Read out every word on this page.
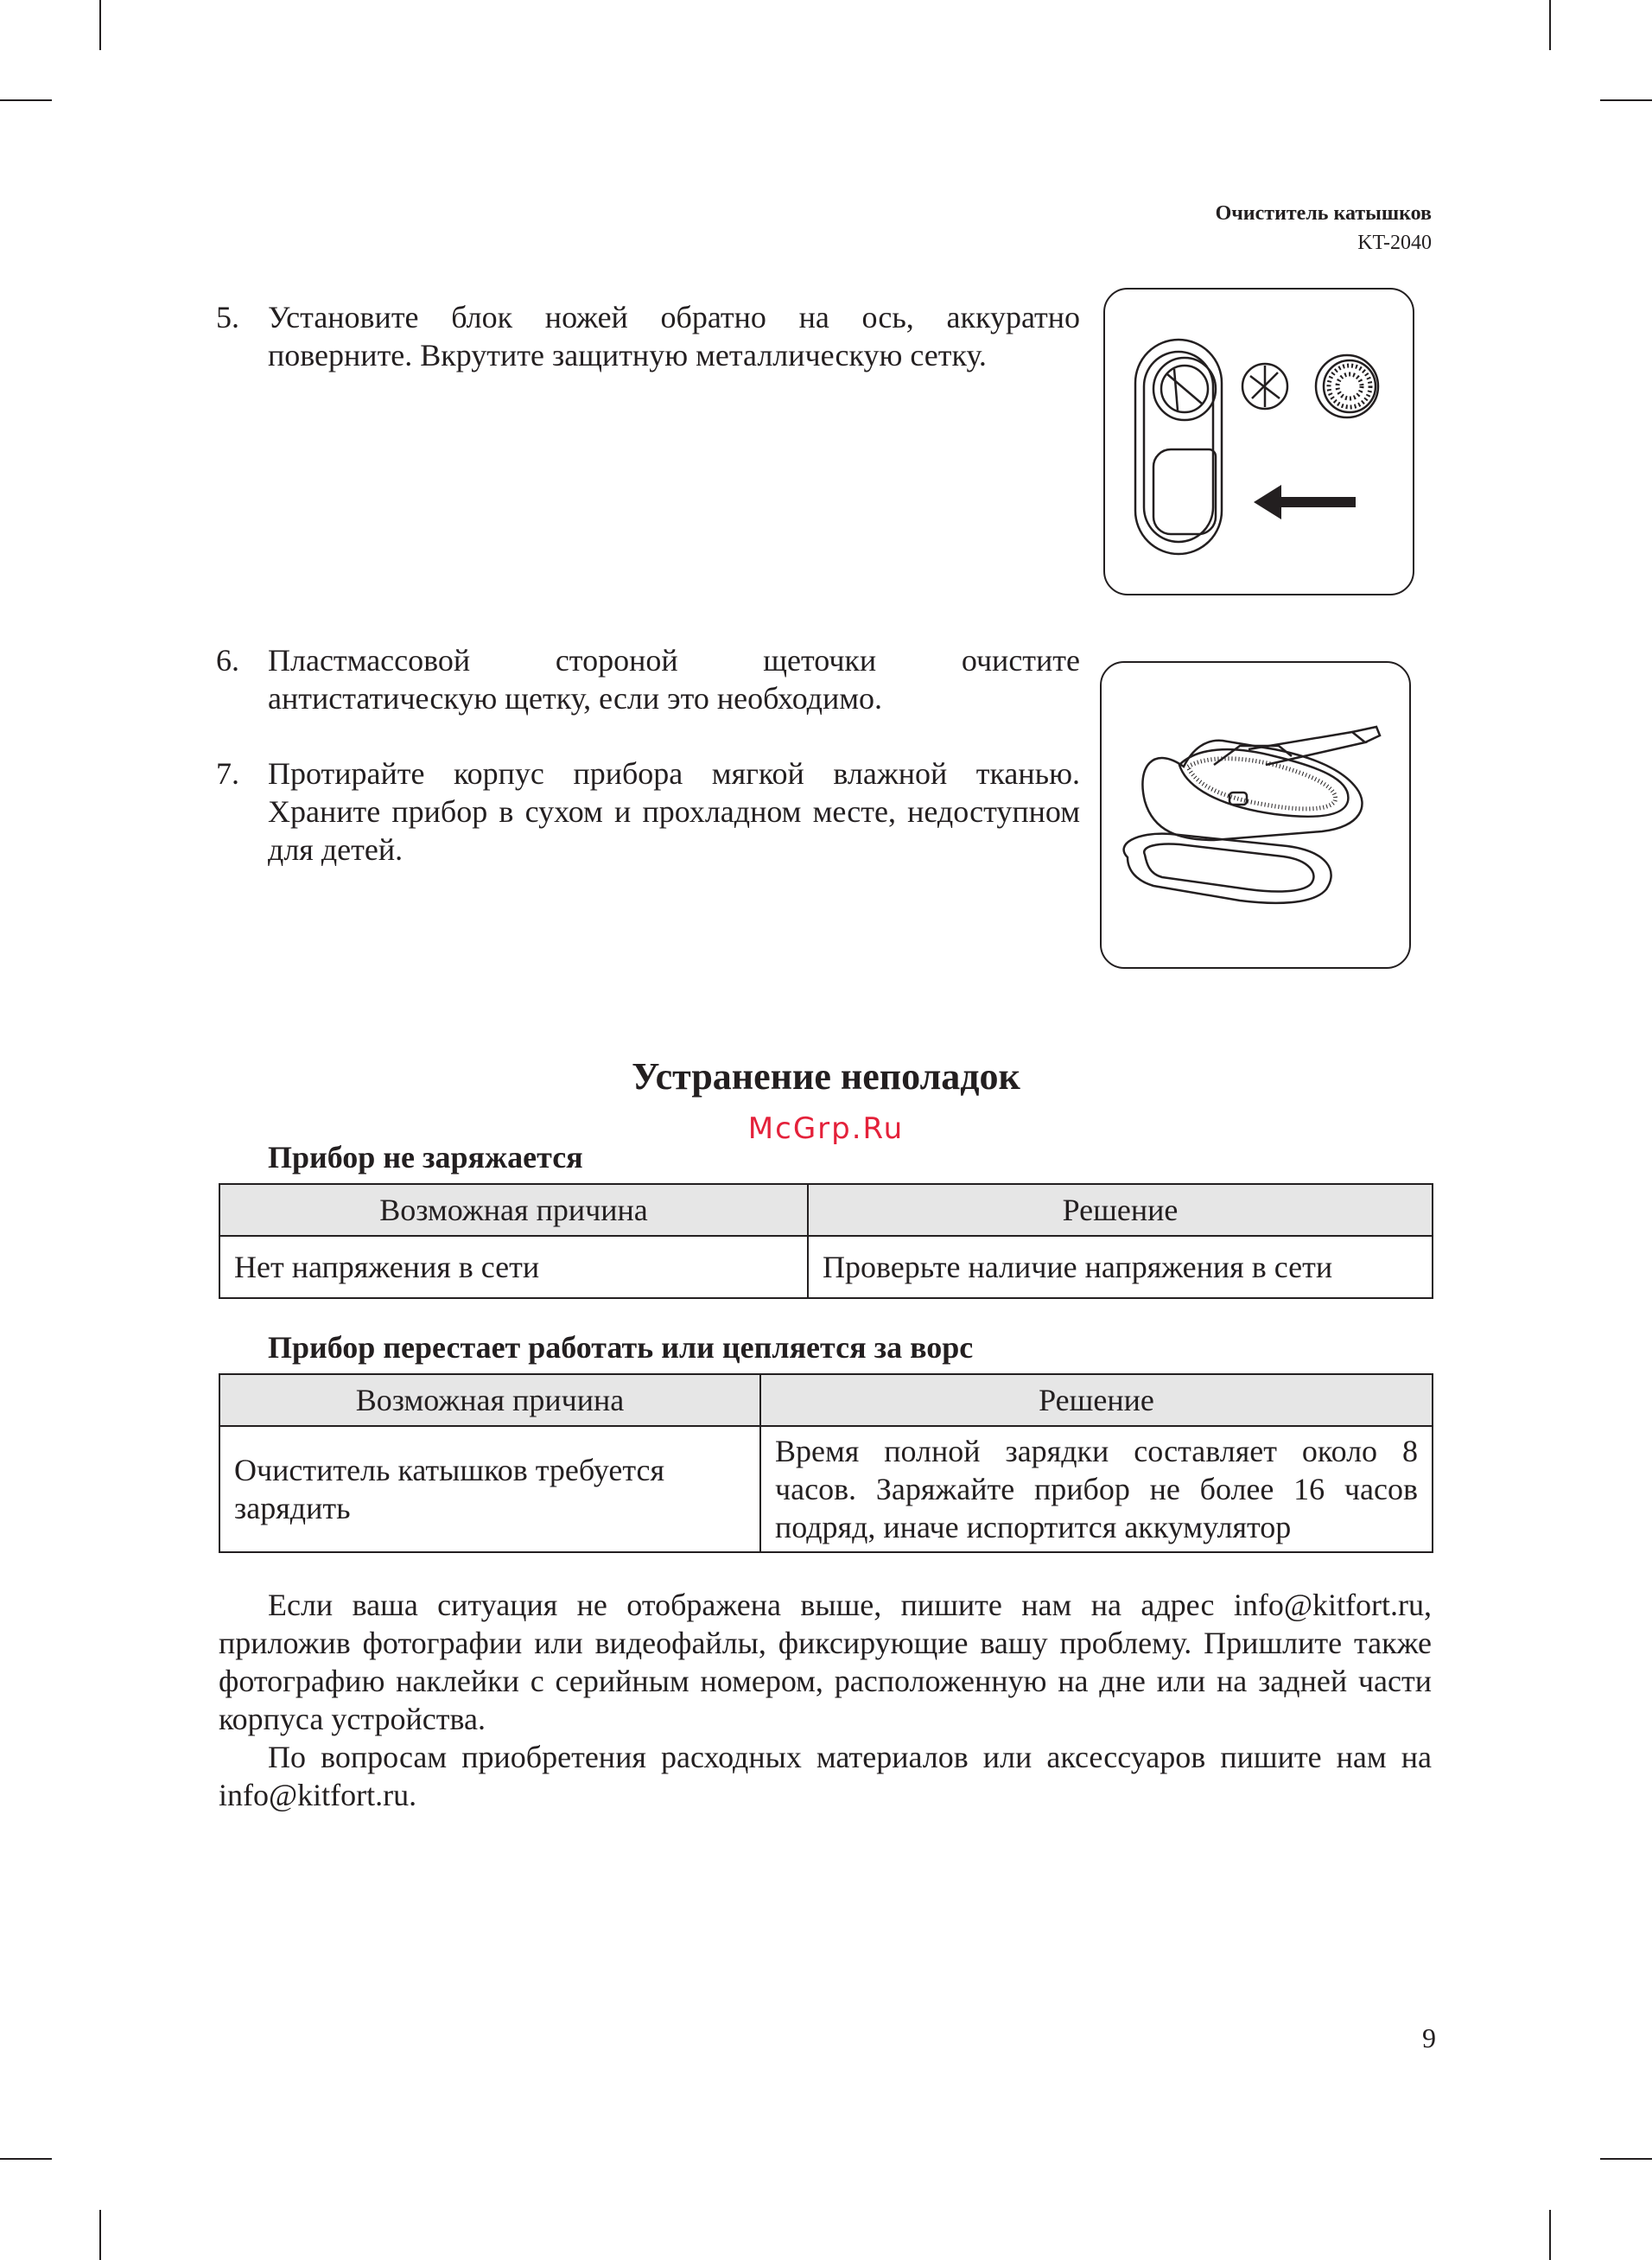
Очиститель катышков
KT-2040
5. Установите блок ножей обратно на ось, аккуратно поверните. Вкрутите защитную металлическую сетку.
6. Пластмассовой стороной щеточки очистите антистатическую щетку, если это необходимо.
7. Протирайте корпус прибора мягкой влажной тканью. Храните прибор в сухом и прохладном месте, недоступном для детей.
Устранение неполадок
McGrp.Ru
Прибор не заряжается
Возможная причина	Решение
Нет напряжения в сети	Проверьте наличие напряжения в сети
Прибор перестает работать или цепляется за ворс
Возможная причина	Решение
Очиститель катышков требуется зарядить	Время полной зарядки составляет около 8 часов. Заряжайте прибор не более 16 часов подряд, иначе испортится аккумулятор

Если ваша ситуация не отображена выше, пишите нам на адрес info@kitfort.ru, приложив фотографии или видеофайлы, фиксирующие вашу проблему. Пришлите также фотографию наклейки с серийным номером, расположенную на дне или на задней части корпуса устройства.

По вопросам приобретения расходных материалов или аксессуаров пишите нам на info@kitfort.ru.

9
